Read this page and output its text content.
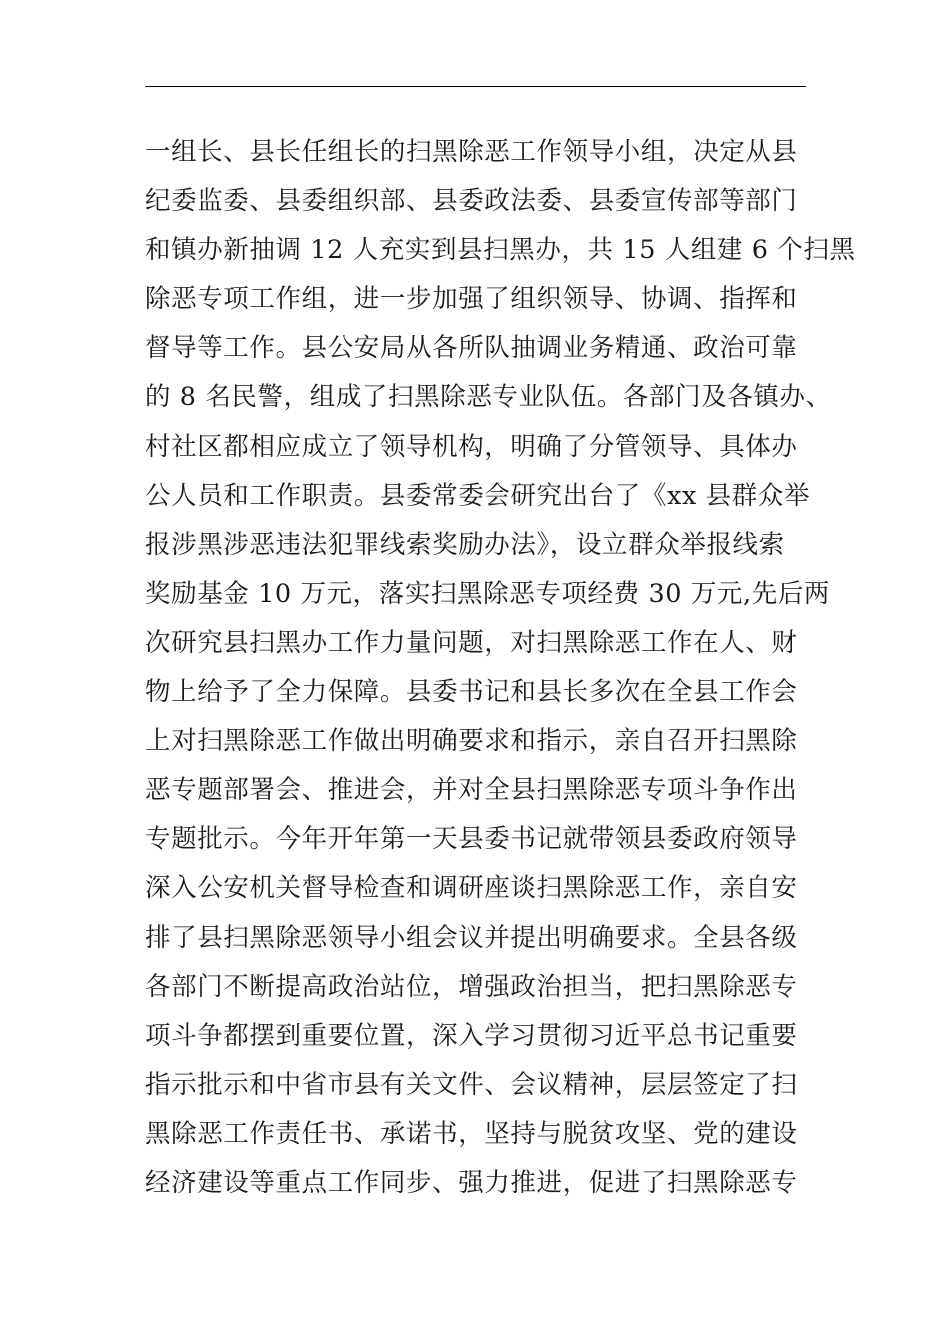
一组长、县长任组长的扫黑除恶工作领导小组，决定从县
纪委监委、县委组织部、县委政法委、县委宣传部等部门
和镇办新抽调 12 人充实到县扫黑办，共 15 人组建 6 个扫黑
除恶专项工作组，进一步加强了组织领导、协调、指挥和
督导等工作。县公安局从各所队抽调业务精通、政治可靠
的 8 名民警，组成了扫黑除恶专业队伍。各部门及各镇办、
村社区都相应成立了领导机构，明确了分管领导、具体办
公人员和工作职责。县委常委会研究出台了《xx 县群众举
报涉黑涉恶违法犯罪线索奖励办法》，设立群众举报线索
奖励基金 10 万元，落实扫黑除恶专项经费 30 万元,先后两
次研究县扫黑办工作力量问题，对扫黑除恶工作在人、财
物上给予了全力保障。县委书记和县长多次在全县工作会
上对扫黑除恶工作做出明确要求和指示，亲自召开扫黑除
恶专题部署会、推进会，并对全县扫黑除恶专项斗争作出
专题批示。今年开年第一天县委书记就带领县委政府领导
深入公安机关督导检查和调研座谈扫黑除恶工作，亲自安
排了县扫黑除恶领导小组会议并提出明确要求。全县各级
各部门不断提高政治站位，增强政治担当，把扫黑除恶专
项斗争都摆到重要位置，深入学习贯彻习近平总书记重要
指示批示和中省市县有关文件、会议精神，层层签定了扫
黑除恶工作责任书、承诺书，坚持与脱贫攻坚、党的建设
经济建设等重点工作同步、强力推进，促进了扫黑除恶专
